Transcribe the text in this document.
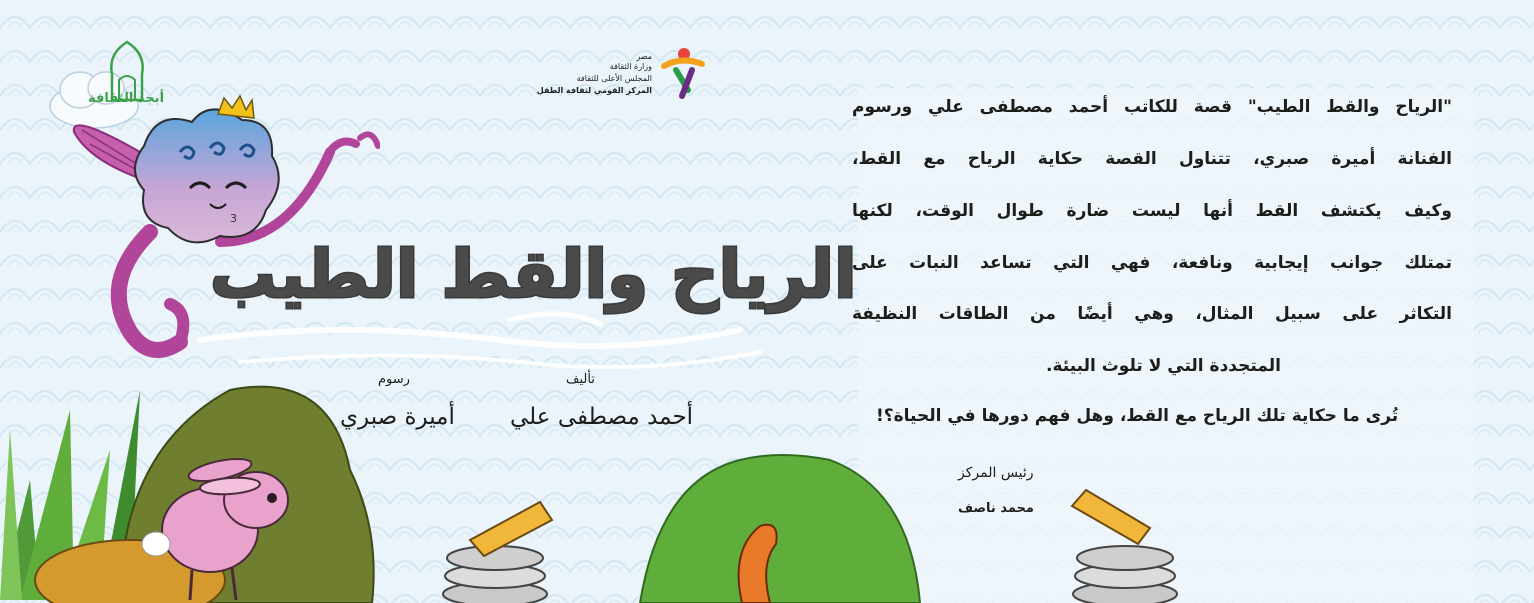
"الرياح والقط الطيب" قصة للكاتب أحمد مصطفى علي ورسوم

الفنانة أميرة صبري، تتناول القصة حكاية الرياح مع القط،

وكيف يكتشف القط أنها ليست ضارة طوال الوقت، لكنها

تمتلك جوانب إيجابية ونافعة، فهي التي تساعد النبات على

التكاثر على سبيل المثال، وهي أيضًا من الطاقات النظيفة

المتجددة التي لا تلوث البيئة.

تُرى ما حكاية تلك الرياح مع القط، وهل فهم دورها في الحياة؟!

رئيس المركز

محمد ناصف

مصر

وزارة الثقافة

المجلس الأعلى للثقافة

المركز القومي لثقافة الطفل

أبجد الثقافة

3

الرياح والقط الطيب

تأليف

أحمد مصطفى علي

رسوم

أميرة صبري
